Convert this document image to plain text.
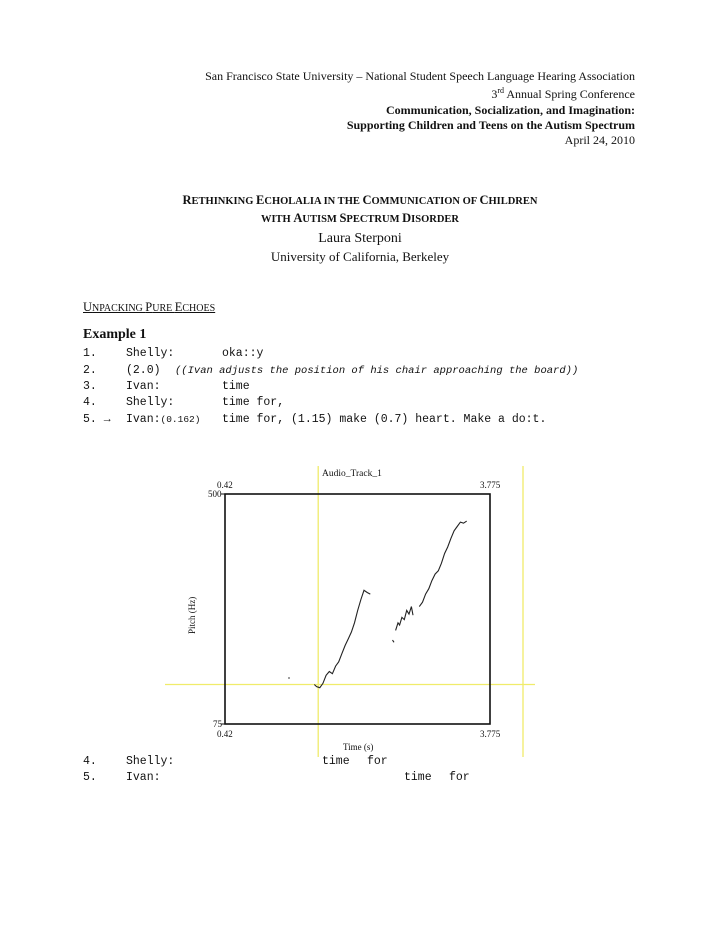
San Francisco State University – National Student Speech Language Hearing Association
3rd Annual Spring Conference
Communication, Socialization, and Imagination:
Supporting Children and Teens on the Autism Spectrum
April 24, 2010
RETHINKING ECHOLALIA IN THE COMMUNICATION OF CHILDREN
WITH AUTISM SPECTRUM DISORDER
Laura Sterponi
University of California, Berkeley
UNPACKING PURE ECHOES
Example 1
1.	Shelly:	oka::y
2.	(2.0) ((Ivan adjusts the position of his chair approaching the board))
3.	Ivan:	time
4.	Shelly:	time for,
5. → Ivan:(0.162) time for, (1.15) make (0.7) heart. Make a do:t.
Audio_Track_1
0.42	3.775
500
75
0.42	3.775
Time (s)
Pitch (Hz)
4.	Shelly:	time for
5.	Ivan:	time for
